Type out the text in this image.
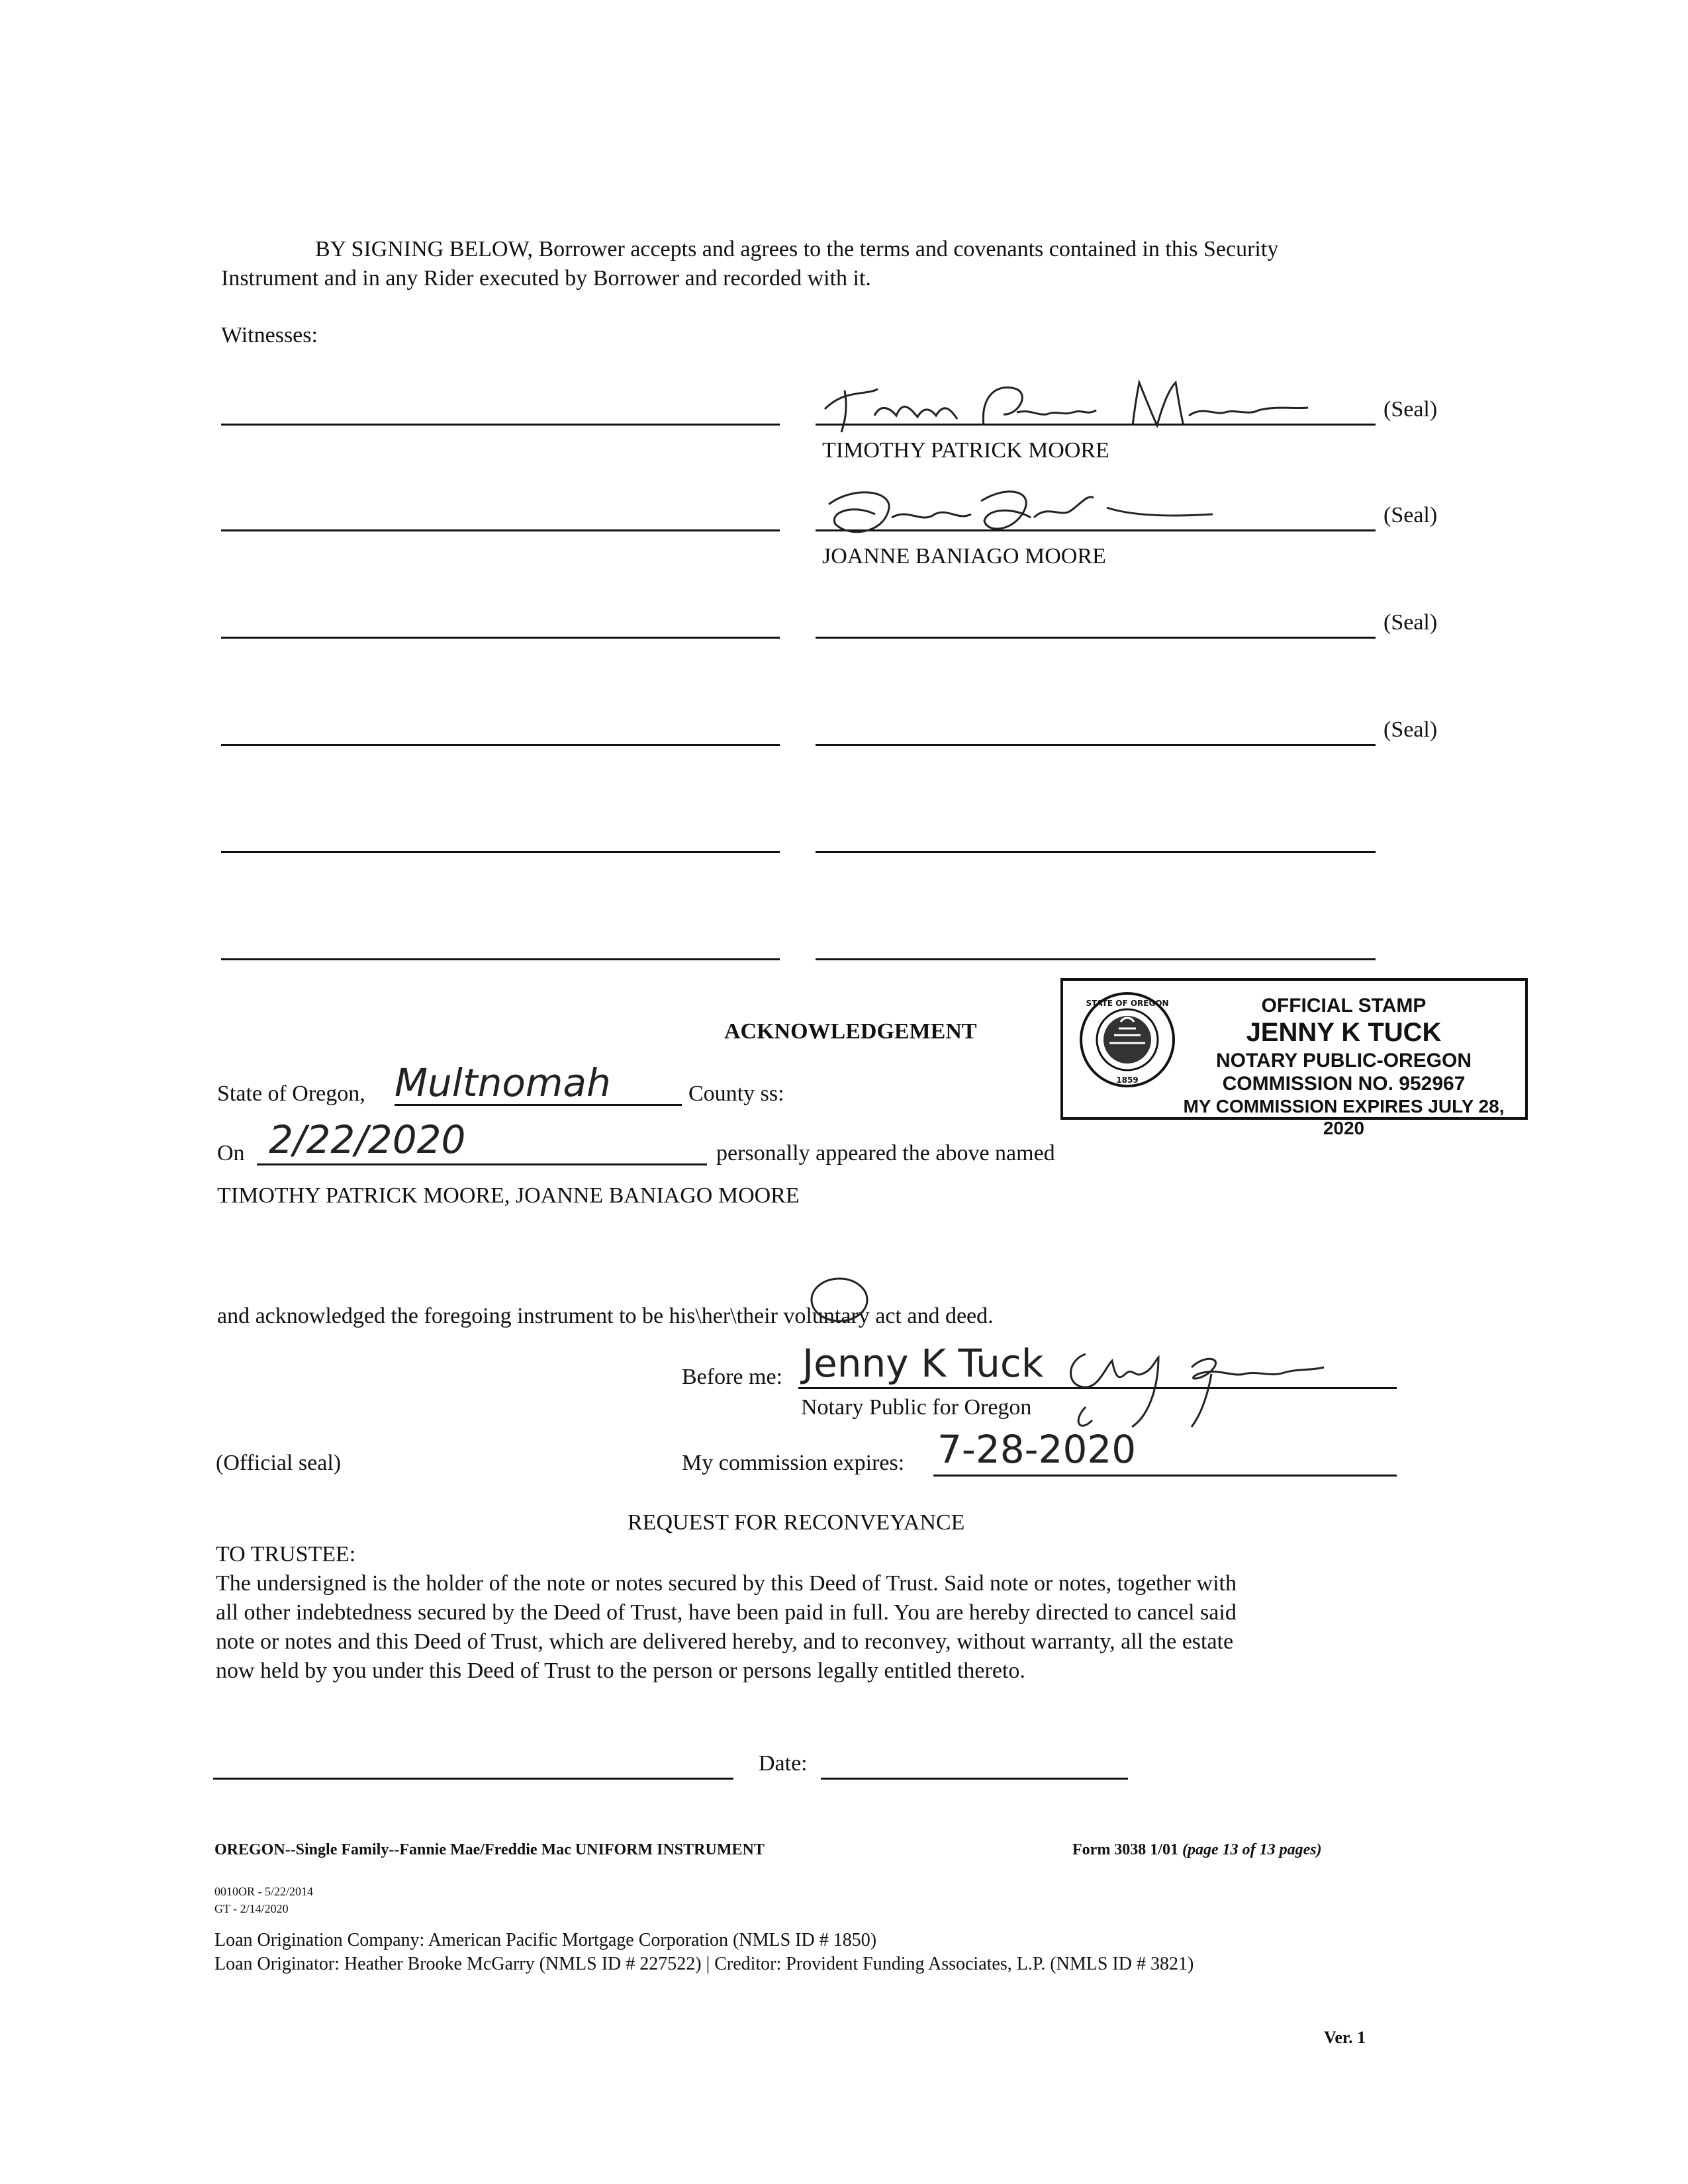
BY SIGNING BELOW, Borrower accepts and agrees to the terms and covenants contained in this Security
Instrument and in any Rider executed by Borrower and recorded with it.
Witnesses:
(Seal)
TIMOTHY PATRICK MOORE
(Seal)
JOANNE BANIAGO MOORE
(Seal)
(Seal)
STATE OF OREGON
1859
OFFICIAL STAMP
JENNY K TUCK
NOTARY PUBLIC-OREGON
COMMISSION NO. 952967
MY COMMISSION EXPIRES JULY 28, 2020
ACKNOWLEDGEMENT
State of Oregon, Multnomah	County ss:
On 2/22/2020	personally appeared the above named
TIMOTHY PATRICK MOORE, JOANNE BANIAGO MOORE
and acknowledged the foregoing instrument to be his\her\their voluntary act and deed.
Before me: Jenny K Tuck
Notary Public for Oregon
(Official seal)	My commission expires: 7-28-2020
REQUEST FOR RECONVEYANCE
TO TRUSTEE:
The undersigned is the holder of the note or notes secured by this Deed of Trust. Said note or notes, together with
all other indebtedness secured by the Deed of Trust, have been paid in full. You are hereby directed to cancel said
note or notes and this Deed of Trust, which are delivered hereby, and to reconvey, without warranty, all the estate
now held by you under this Deed of Trust to the person or persons legally entitled thereto.
Date:
OREGON--Single Family--Fannie Mae/Freddie Mac UNIFORM INSTRUMENT	Form 3038 1/01 (page 13 of 13 pages)
0010OR - 5/22/2014
GT - 2/14/2020
Loan Origination Company: American Pacific Mortgage Corporation (NMLS ID # 1850)
Loan Originator: Heather Brooke McGarry (NMLS ID # 227522) | Creditor: Provident Funding Associates, L.P. (NMLS ID # 3821)
Ver. 1
